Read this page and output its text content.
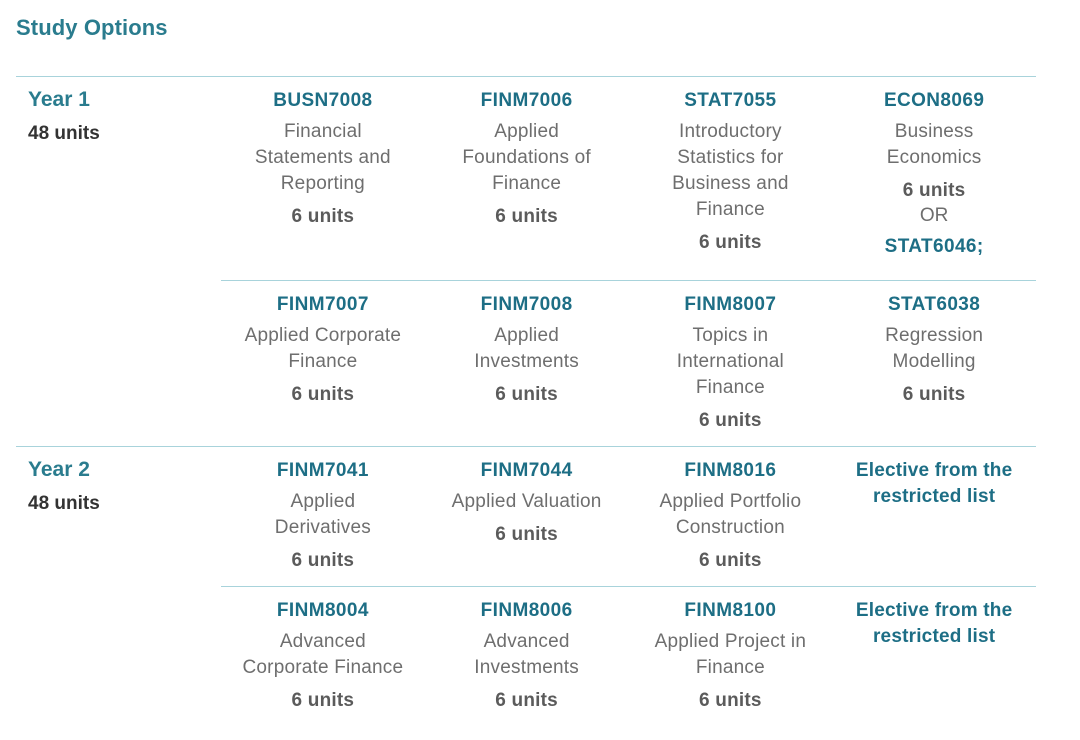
Study Options
Year 1
48 units
BUSN7008
Financial
Statements and
Reporting
6 units
FINM7006
Applied
Foundations of
Finance
6 units
STAT7055
Introductory
Statistics for
Business and
Finance
6 units
ECON8069
Business
Economics
6 units
OR
STAT6046;
FINM7007
Applied Corporate
Finance
6 units
FINM7008
Applied
Investments
6 units
FINM8007
Topics in
International
Finance
6 units
STAT6038
Regression
Modelling
6 units
Year 2
48 units
FINM7041
Applied
Derivatives
6 units
FINM7044
Applied Valuation
6 units
FINM8016
Applied Portfolio
Construction
6 units
Elective from the
restricted list
FINM8004
Advanced
Corporate Finance
6 units
FINM8006
Advanced
Investments
6 units
FINM8100
Applied Project in
Finance
6 units
Elective from the
restricted list
